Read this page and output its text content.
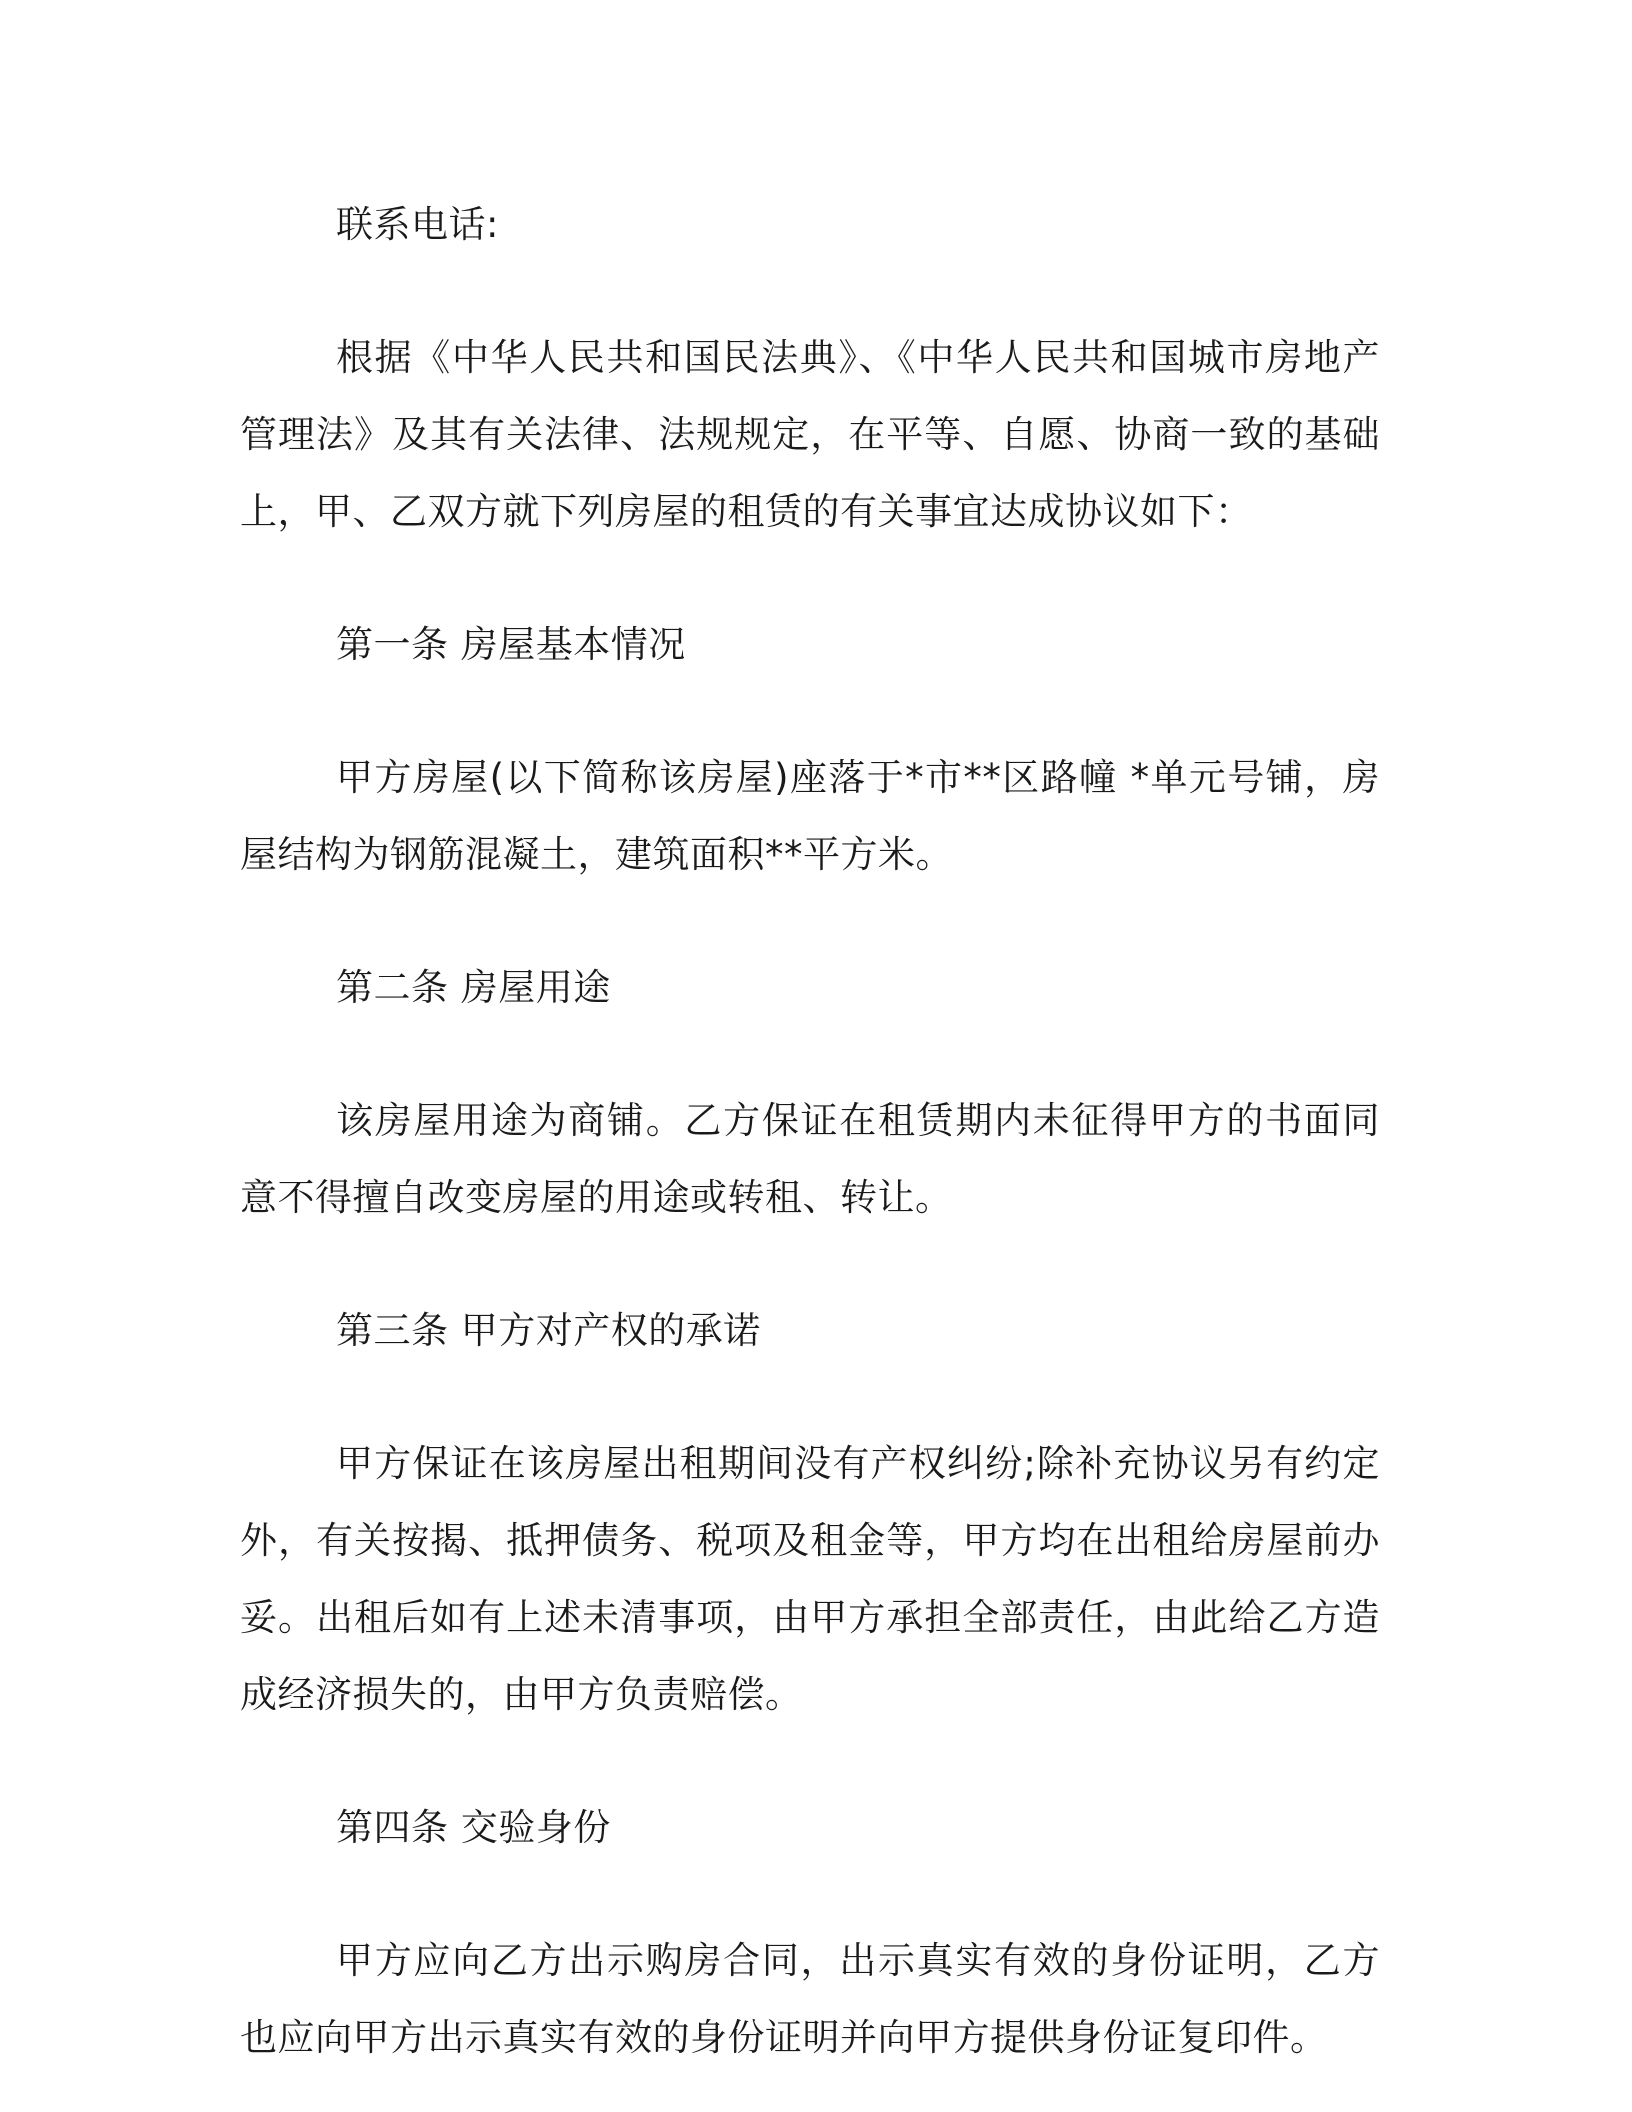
联系电话:

根据《中华人民共和国民法典》、《中华人民共和国城市房地产管理法》及其有关法律、法规规定，在平等、自愿、协商一致的基础上，甲、乙双方就下列房屋的租赁的有关事宜达成协议如下：

第一条 房屋基本情况

甲方房屋(以下简称该房屋)座落于*市**区路幢 *单元号铺，房屋结构为钢筋混凝土，建筑面积**平方米。

第二条 房屋用途

该房屋用途为商铺。乙方保证在租赁期内未征得甲方的书面同意不得擅自改变房屋的用途或转租、转让。

第三条 甲方对产权的承诺

甲方保证在该房屋出租期间没有产权纠纷;除补充协议另有约定外，有关按揭、抵押债务、税项及租金等，甲方均在出租给房屋前办妥。出租后如有上述未清事项，由甲方承担全部责任，由此给乙方造成经济损失的，由甲方负责赔偿。

第四条 交验身份

甲方应向乙方出示购房合同，出示真实有效的身份证明，乙方也应向甲方出示真实有效的身份证明并向甲方提供身份证复印件。
